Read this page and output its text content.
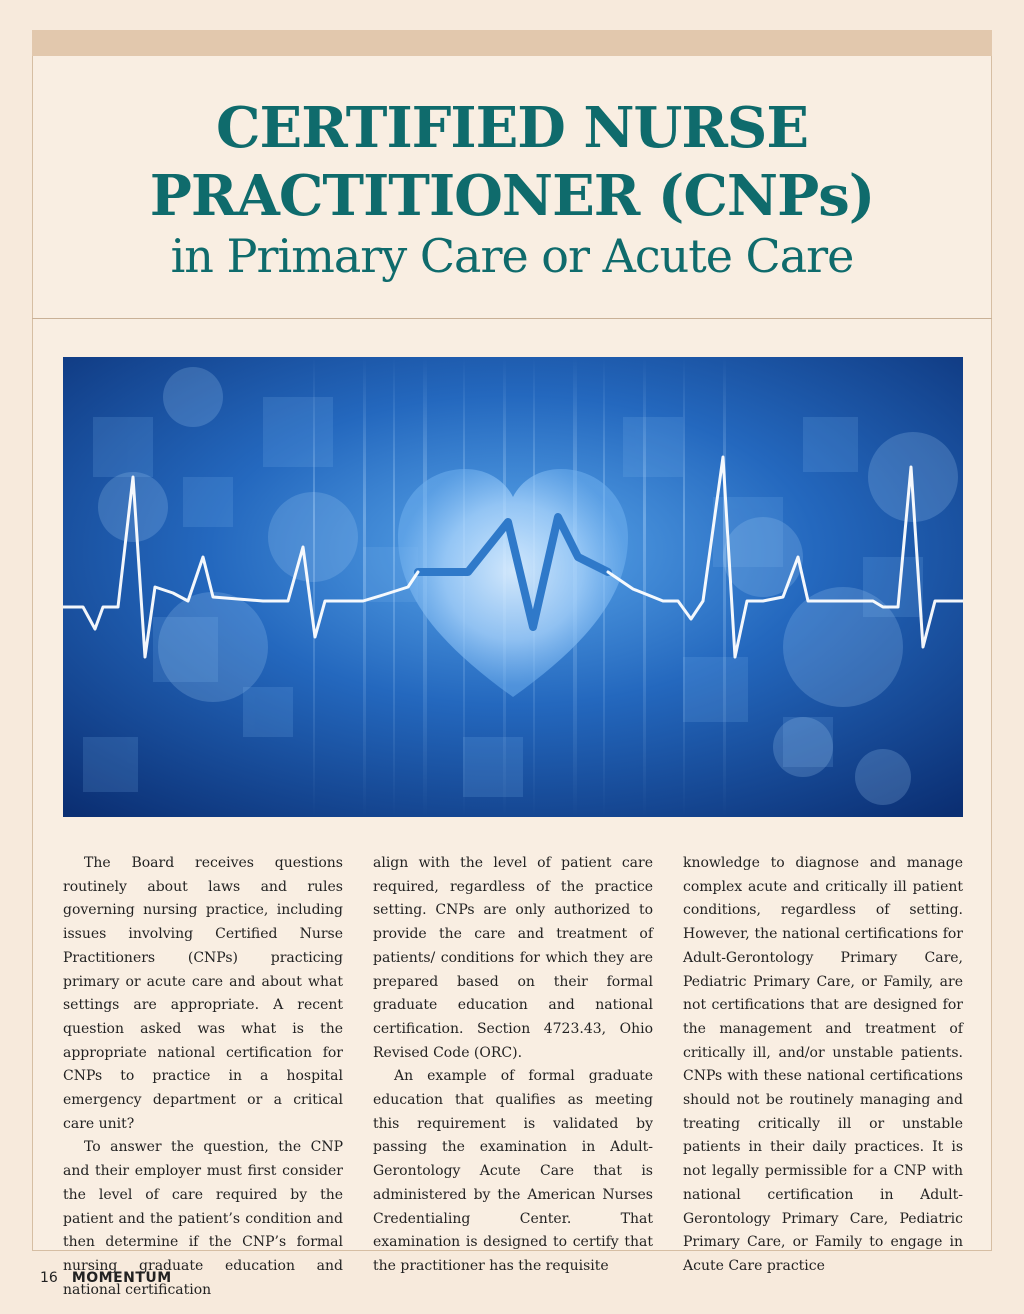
CERTIFIED NURSE
PRACTITIONER (CNPs)
in Primary Care or Acute Care

The Board receives questions routinely about laws and rules governing nursing practice, including issues involving Certified Nurse Practitioners (CNPs) practicing primary or acute care and about what settings are appropriate. A recent question asked was what is the appropriate national certification for CNPs to practice in a hospital emergency department or a critical care unit?

To answer the question, the CNP and their employer must first consider the level of care required by the patient and the patient’s condition and then determine if the CNP’s formal nursing graduate education and national certification

align with the level of patient care required, regardless of the practice setting. CNPs are only authorized to provide the care and treatment of patients/ conditions for which they are prepared based on their formal graduate education and national certification. Section 4723.43, Ohio Revised Code (ORC).

An example of formal graduate education that qualifies as meeting this requirement is validated by passing the examination in Adult-Gerontology Acute Care that is administered by the American Nurses Credentialing Center. That examination is designed to certify that the practitioner has the requisite

knowledge to diagnose and manage complex acute and critically ill patient conditions, regardless of setting. However, the national certifications for Adult-Gerontology Primary Care, Pediatric Primary Care, or Family, are not certifications that are designed for the management and treatment of critically ill, and/or unstable patients. CNPs with these national certifications should not be routinely managing and treating critically ill or unstable patients in their daily practices. It is not legally permissible for a CNP with national certification in Adult-Gerontology Primary Care, Pediatric Primary Care, or Family to engage in Acute Care practice

16 MOMENTUM
